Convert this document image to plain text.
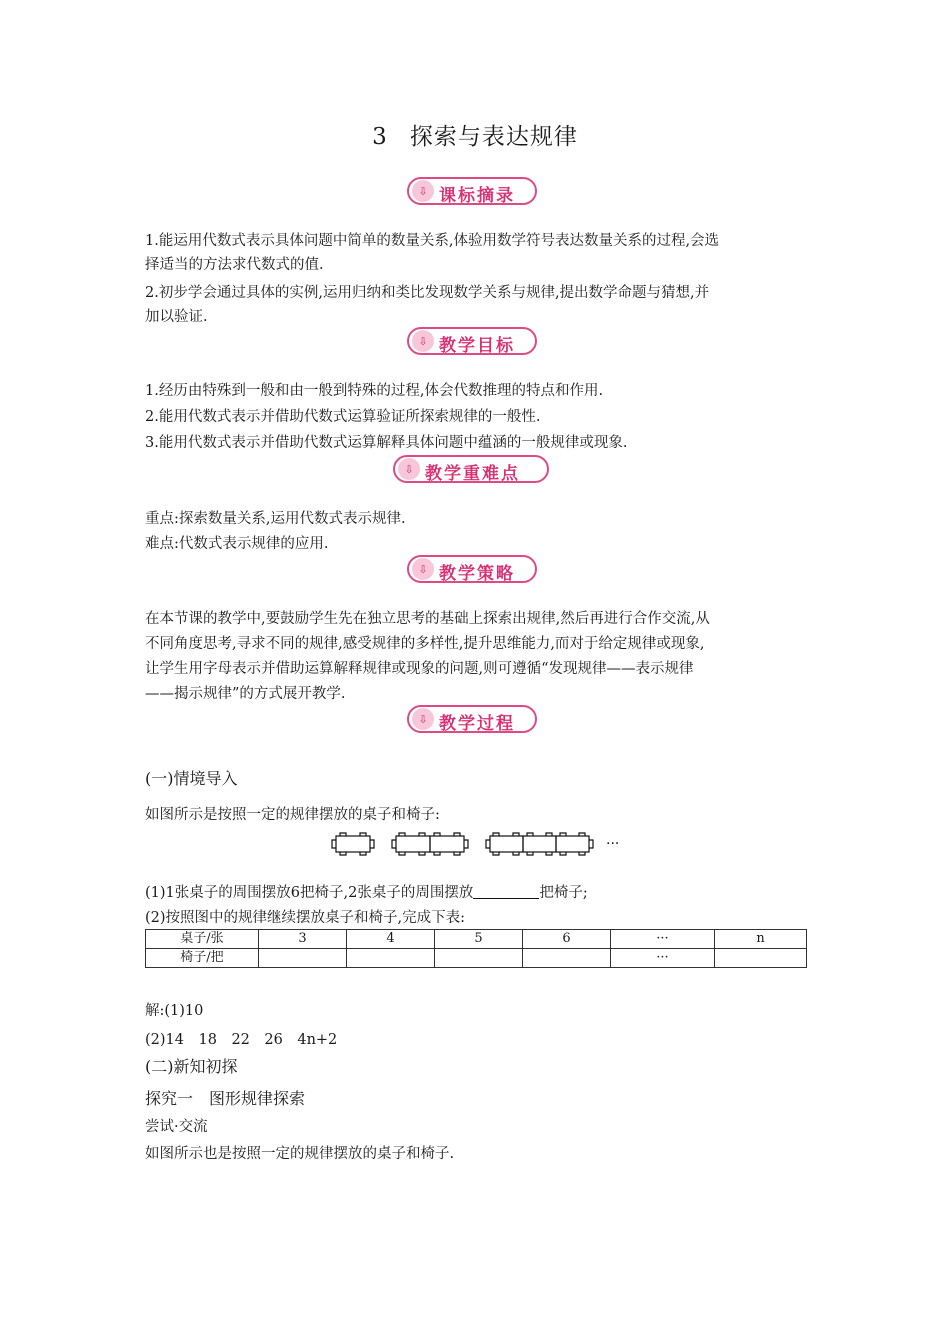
3 探索与表达规律
⇩ 课标摘录
1.能运用代数式表示具体问题中简单的数量关系,体验用数学符号表达数量关系的过程,会选
择适当的方法求代数式的值.
2.初步学会通过具体的实例,运用归纳和类比发现数学关系与规律,提出数学命题与猜想,并
加以验证.
⇩ 教学目标
1.经历由特殊到一般和由一般到特殊的过程,体会代数推理的特点和作用.
2.能用代数式表示并借助代数式运算验证所探索规律的一般性.
3.能用代数式表示并借助代数式运算解释具体问题中蕴涵的一般规律或现象.
⇩ 教学重难点
重点:探索数量关系,运用代数式表示规律.
难点:代数式表示规律的应用.
⇩ 教学策略
在本节课的教学中,要鼓励学生先在独立思考的基础上探索出规律,然后再进行合作交流,从
不同角度思考,寻求不同的规律,感受规律的多样性,提升思维能力,而对于给定规律或现象,
让学生用字母表示并借助运算解释规律或现象的问题,则可遵循“发现规律——表示规律
——揭示规律”的方式展开教学.
⇩ 教学过程
(一)情境导入
如图所示是按照一定的规律摆放的桌子和椅子:
···
(1)1张桌子的周围摆放6把椅子,2张桌子的周围摆放	把椅子;
(2)按照图中的规律继续摆放桌子和椅子,完成下表:
桌子/张	3	4	5	6	···	n
椅子/把					···	
解:(1)10
(2)14　18　22　26　4n+2
(二)新知初探
探究一　图形规律探索
尝试·交流
如图所示也是按照一定的规律摆放的桌子和椅子.
